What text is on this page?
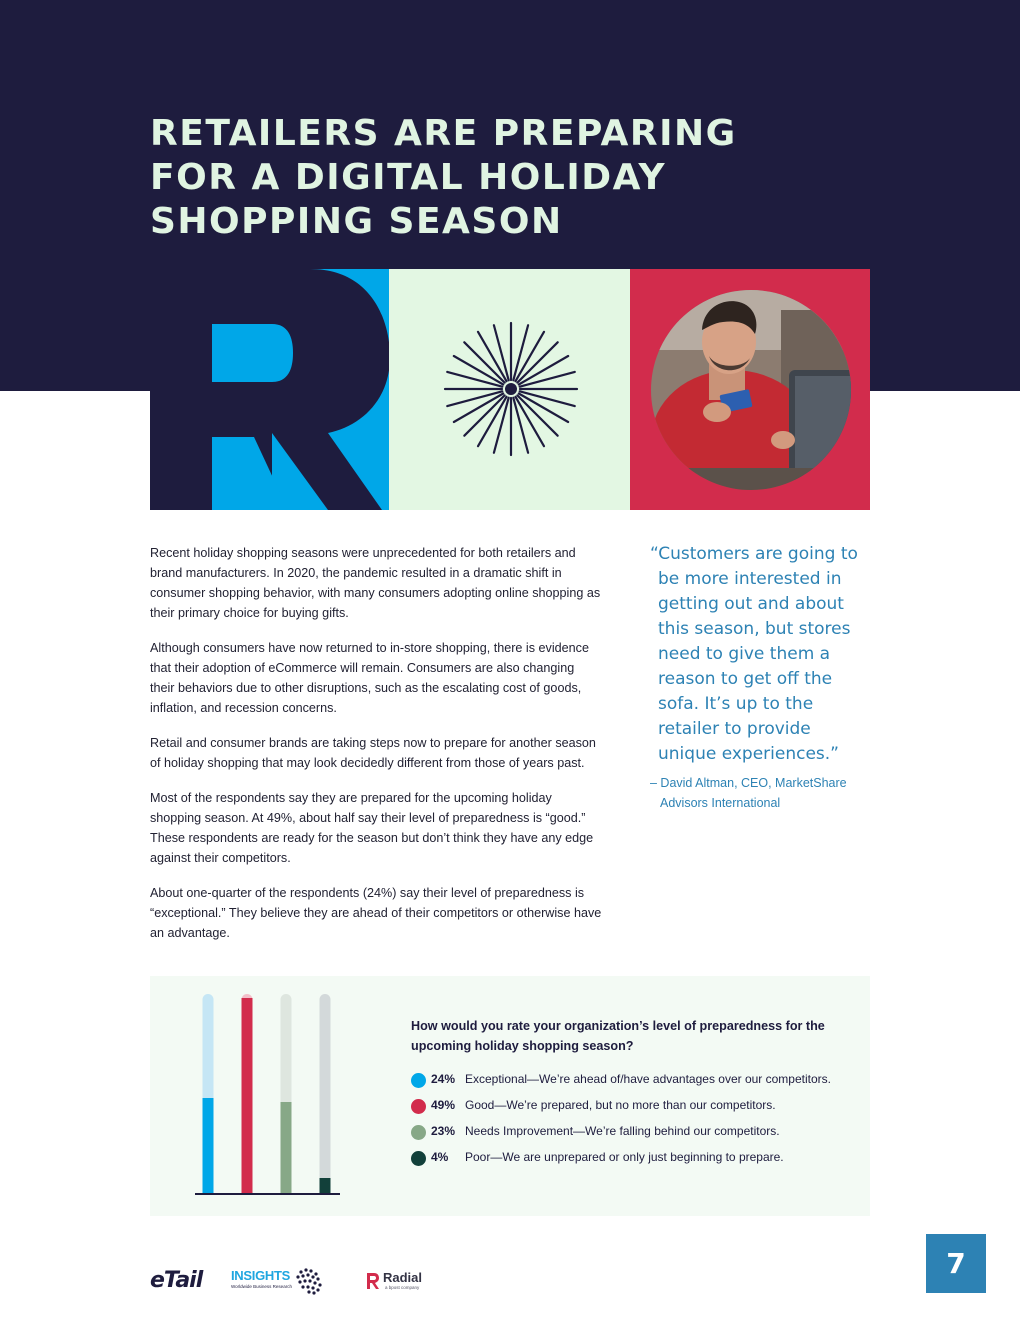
RETAILERS ARE PREPARING
FOR A DIGITAL HOLIDAY
SHOPPING SEASON

Recent holiday shopping seasons were unprecedented for both retailers and brand manufacturers. In 2020, the pandemic resulted in a dramatic shift in consumer shopping behavior, with many consumers adopting online shopping as their primary choice for buying gifts.

Although consumers have now returned to in-store shopping, there is evidence that their adoption of eCommerce will remain. Consumers are also changing their behaviors due to other disruptions, such as the escalating cost of goods, inflation, and recession concerns.

Retail and consumer brands are taking steps now to prepare for another season of holiday shopping that may look decidedly different from those of years past.

Most of the respondents say they are prepared for the upcoming holiday shopping season. At 49%, about half say their level of preparedness is “good.” These respondents are ready for the season but don’t think they have any edge against their competitors.

About one-quarter of the respondents (24%) say their level of preparedness is “exceptional.” They believe they are ahead of their competitors or otherwise have an advantage.

“Customers are going to be more interested in getting out and about this season, but stores need to give them a reason to get off the sofa. It’s up to the retailer to provide unique experiences.”

– David Altman, CEO, MarketShare Advisors International
How would you rate your organization’s level of preparedness for the upcoming holiday shopping season?
24% Exceptional—We’re ahead of/have advantages over our competitors.
49% Good—We’re prepared, but no more than our competitors.
23% Needs Improvement—We’re falling behind our competitors.
4% Poor—We are unprepared or only just beginning to prepare.
eTail INSIGHTS
Worldwide Business Research
Radial
a bpost company
7
